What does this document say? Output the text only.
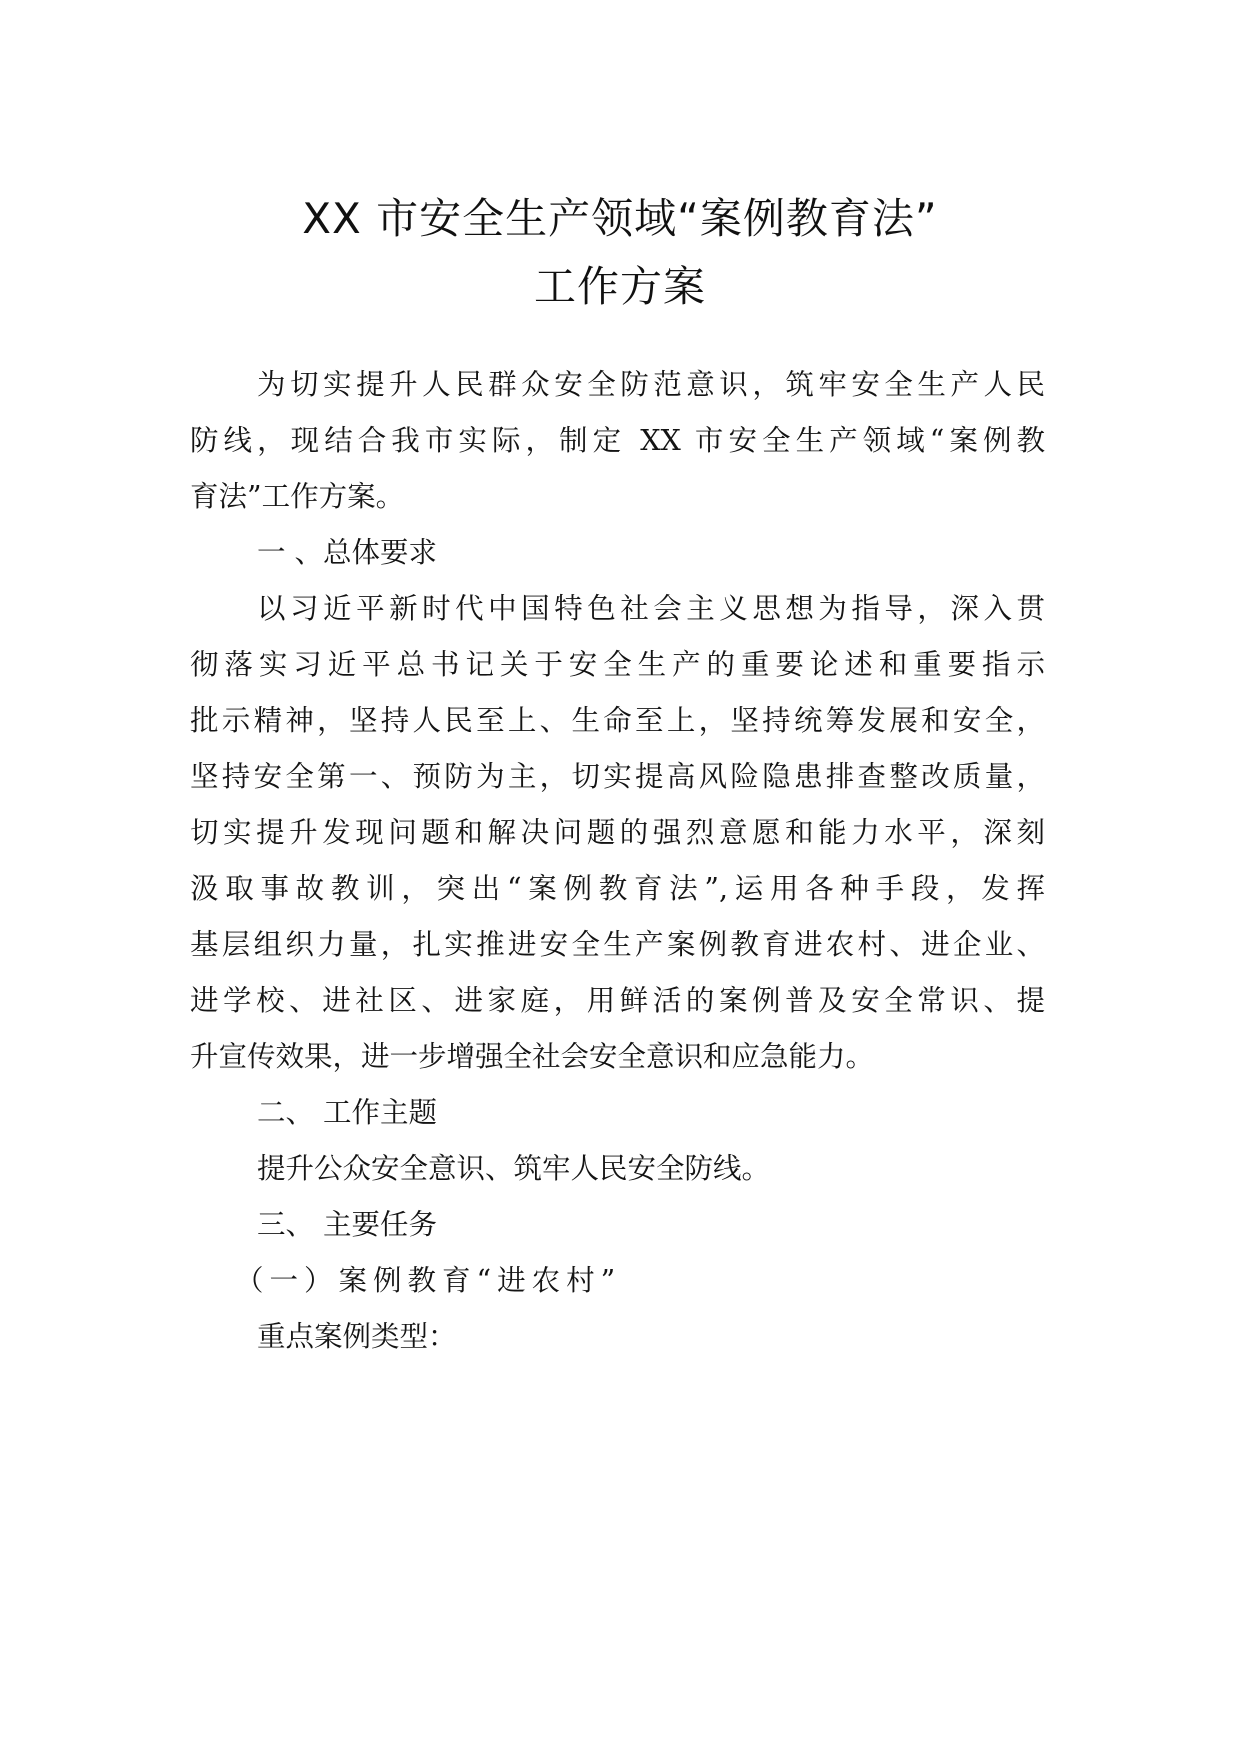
XX 市安全生产领域“案例教育法”
工作方案
为切实提升人民群众安全防范意识，筑牢安全生产人民
防线，现结合我市实际，制定 XX 市安全生产领域“案例教
育法”工作方案。
一 、总体要求
以习近平新时代中国特色社会主义思想为指导，深入贯
彻落实习近平总书记关于安全生产的重要论述和重要指示
批示精神，坚持人民至上、生命至上，坚持统筹发展和安全，
坚持安全第一、预防为主，切实提高风险隐患排查整改质量，
切实提升发现问题和解决问题的强烈意愿和能力水平，深刻
汲取事故教训，突出“案例教育法”,运用各种手段，发挥
基层组织力量，扎实推进安全生产案例教育进农村、进企业、
进学校、进社区、进家庭，用鲜活的案例普及安全常识、提
升宣传效果，进一步增强全社会安全意识和应急能力。
二、 工作主题
提升公众安全意识、筑牢人民安全防线。
三、 主要任务
（一）案例教育“进农村”
重点案例类型：
